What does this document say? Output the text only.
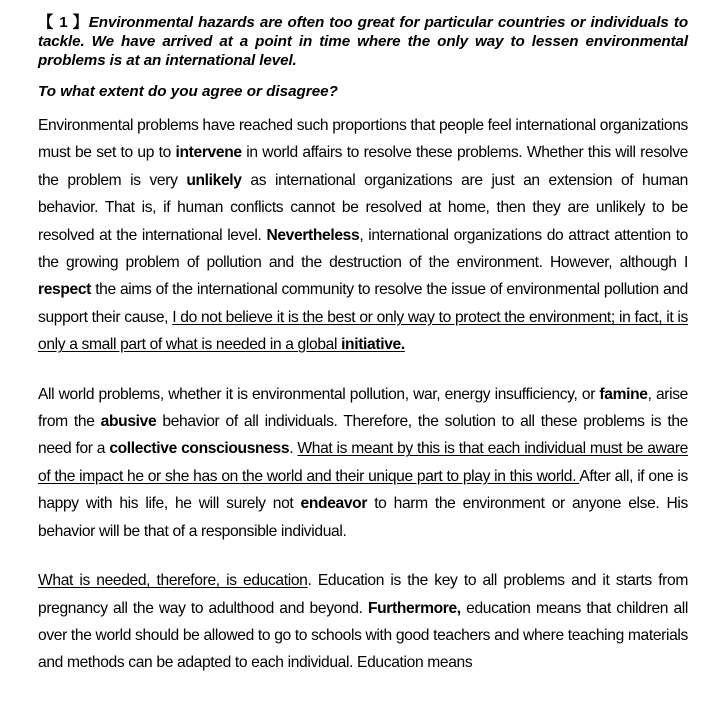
【 1 】Environmental hazards are often too great for particular countries or individuals to tackle. We have arrived at a point in time where the only way to lessen environmental problems is at an international level.

To what extent do you agree or disagree?

Environmental problems have reached such proportions that people feel international organizations must be set to up to intervene in world affairs to resolve these problems. Whether this will resolve the problem is very unlikely as international organizations are just an extension of human behavior. That is, if human conflicts cannot be resolved at home, then they are unlikely to be resolved at the international level. Nevertheless, international organizations do attract attention to the growing problem of pollution and the destruction of the environment. However, although I respect the aims of the international community to resolve the issue of environmental pollution and support their cause, I do not believe it is the best or only way to protect the environment; in fact, it is only a small part of what is needed in a global initiative.

All world problems, whether it is environmental pollution, war, energy insufficiency, or famine, arise from the abusive behavior of all individuals. Therefore, the solution to all these problems is the need for a collective consciousness. What is meant by this is that each individual must be aware of the impact he or she has on the world and their unique part to play in this world. After all, if one is happy with his life, he will surely not endeavor to harm the environment or anyone else. His behavior will be that of a responsible individual.

What is needed, therefore, is education. Education is the key to all problems and it starts from pregnancy all the way to adulthood and beyond. Furthermore, education means that children all over the world should be allowed to go to schools with good teachers and where teaching materials and methods can be adapted to each individual. Education means
